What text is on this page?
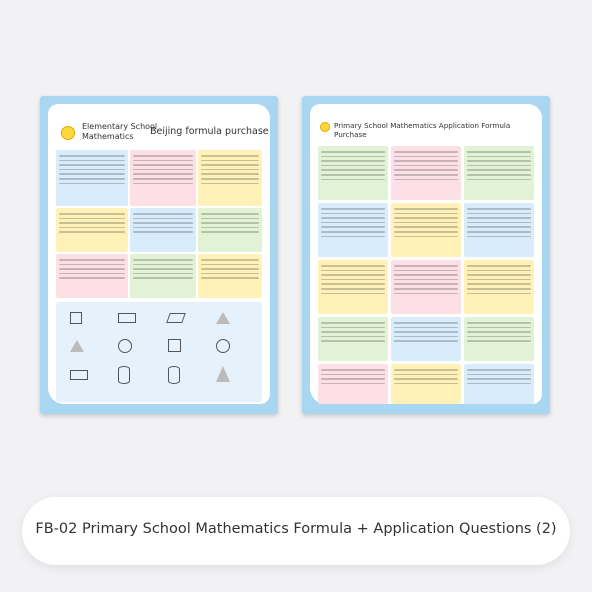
Elementary School
Mathematics Beijing formula purchase
Primary School Mathematics Application Formula
Purchase
FB-02 Primary School Mathematics Formula + Application Questions (2)
